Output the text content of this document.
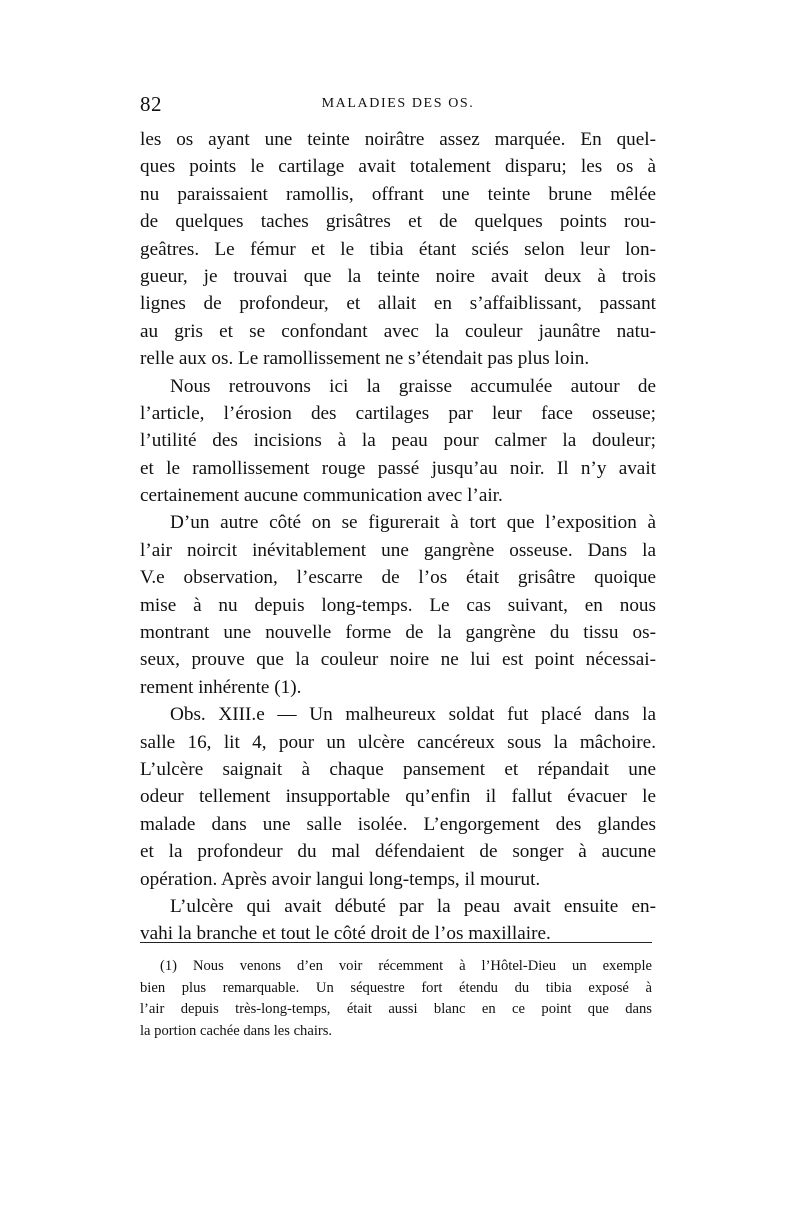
82	MALADIES DES OS.
les os ayant une teinte noirâtre assez marquée. En quel-
ques points le cartilage avait totalement disparu; les os à
nu paraissaient ramollis, offrant une teinte brune mêlée
de quelques taches grisâtres et de quelques points rou-
geâtres. Le fémur et le tibia étant sciés selon leur lon-
gueur, je trouvai que la teinte noire avait deux à trois
lignes de profondeur, et allait en s’affaiblissant, passant
au gris et se confondant avec la couleur jaunâtre natu-
relle aux os. Le ramollissement ne s’étendait pas plus loin.
Nous retrouvons ici la graisse accumulée autour de
l’article, l’érosion des cartilages par leur face osseuse;
l’utilité des incisions à la peau pour calmer la douleur;
et le ramollissement rouge passé jusqu’au noir. Il n’y avait
certainement aucune communication avec l’air.
D’un autre côté on se figurerait à tort que l’exposition à
l’air noircit inévitablement une gangrène osseuse. Dans la
V.e observation, l’escarre de l’os était grisâtre quoique
mise à nu depuis long-temps. Le cas suivant, en nous
montrant une nouvelle forme de la gangrène du tissu os-
seux, prouve que la couleur noire ne lui est point nécessai-
rement inhérente (1).
Obs. XIII.e — Un malheureux soldat fut placé dans la
salle 16, lit 4, pour un ulcère cancéreux sous la mâchoire.
L’ulcère saignait à chaque pansement et répandait une
odeur tellement insupportable qu’enfin il fallut évacuer le
malade dans une salle isolée. L’engorgement des glandes
et la profondeur du mal défendaient de songer à aucune
opération. Après avoir langui long-temps, il mourut.
L’ulcère qui avait débuté par la peau avait ensuite en-
vahi la branche et tout le côté droit de l’os maxillaire.
(1) Nous venons d’en voir récemment à l’Hôtel-Dieu un exemple
bien plus remarquable. Un séquestre fort étendu du tibia exposé à
l’air depuis très-long-temps, était aussi blanc en ce point que dans
la portion cachée dans les chairs.
